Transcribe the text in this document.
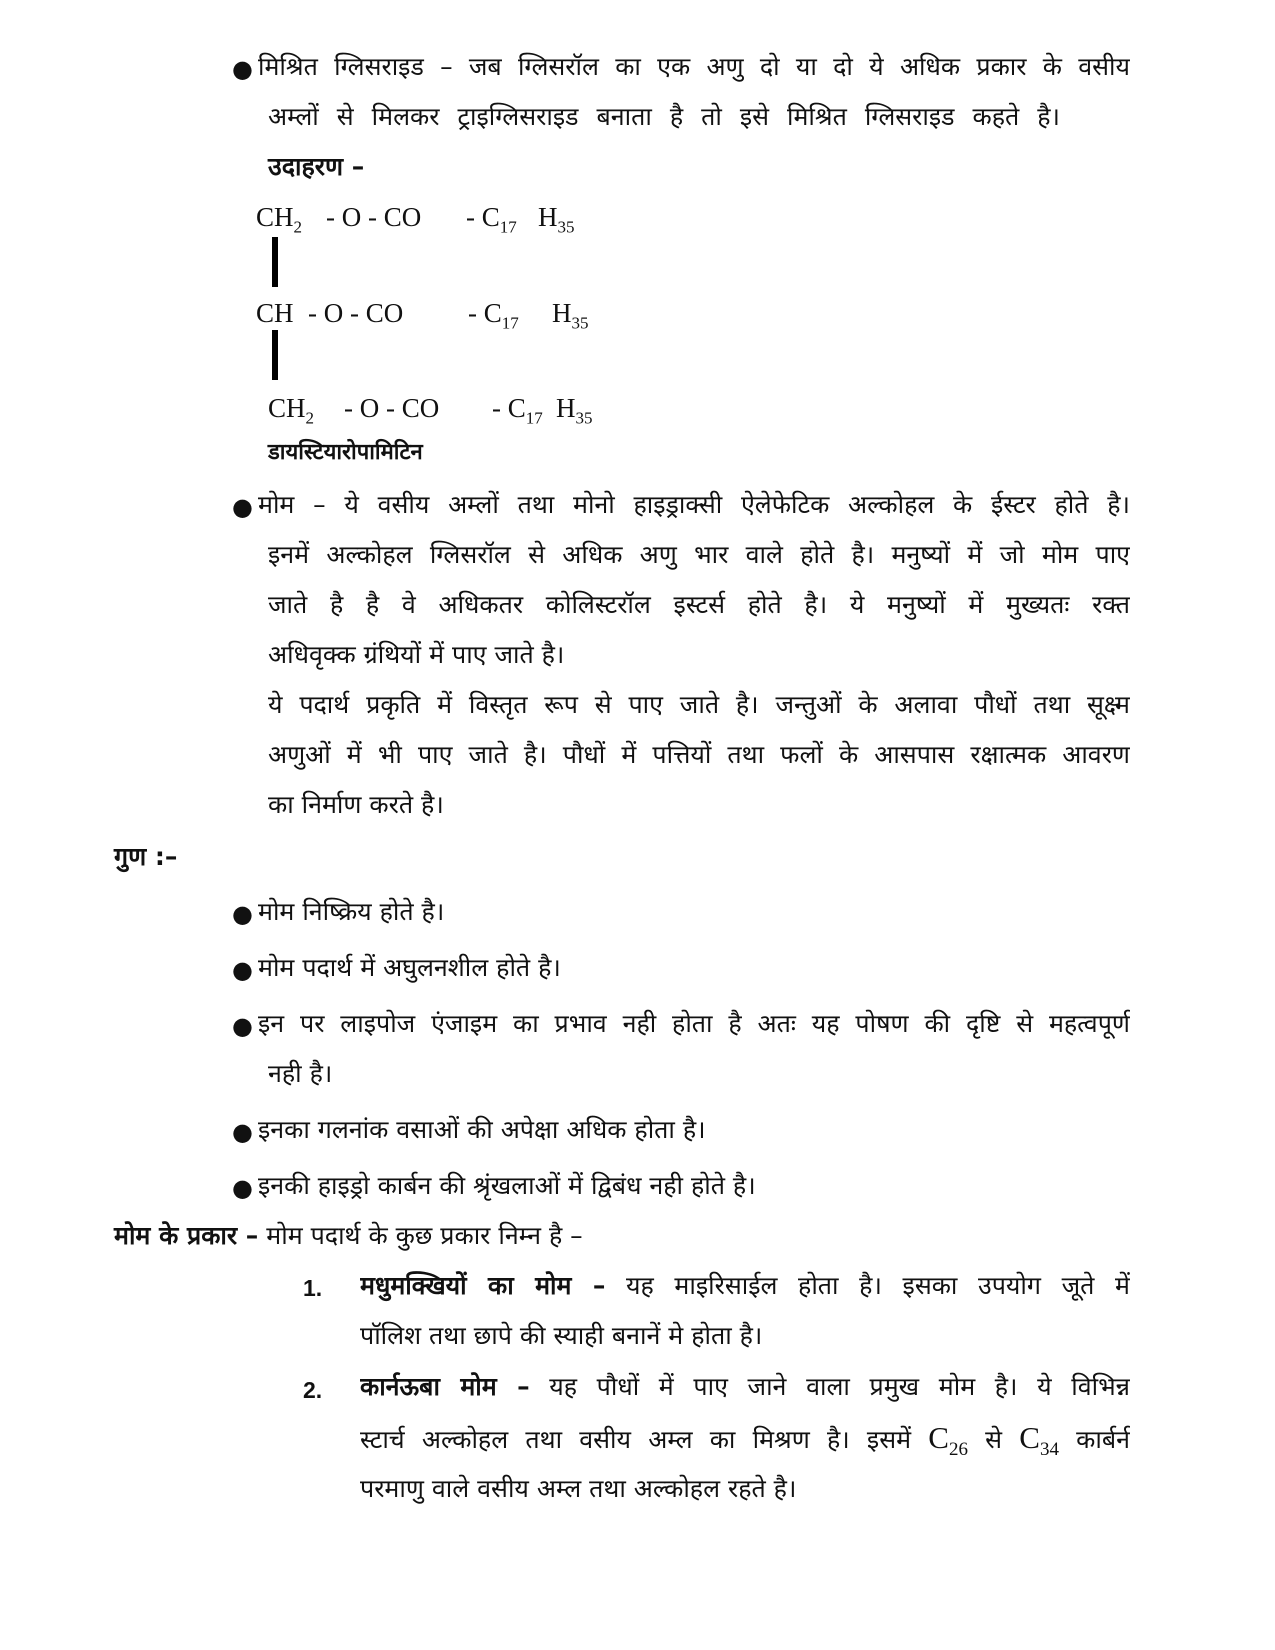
● मिश्रित ग्लिसराइड – जब ग्लिसरॉल का एक अणु दो या दो ये अधिक प्रकार के वसीय
अम्लों से मिलकर ट्राइग्लिसराइड बनाता है तो इसे मिश्रित ग्लिसराइड कहते है।
उदाहरण –
$CH_2$ - O - CO - $C_{17}$ $H_{35}$
CH - O - CO - $C_{17}$ $H_{35}$
$CH_2$ - O - CO - $C_{17}$ $H_{35}$
डायस्टियारोपामिटिन
● मोम – ये वसीय अम्लों तथा मोनो हाइड्राक्सी ऐलेफेटिक अल्कोहल के ईस्टर होते है।
इनमें अल्कोहल ग्लिसरॉल से अधिक अणु भार वाले होते है। मनुष्यों में जो मोम पाए
जाते है है वे अधिकतर कोलिस्टरॉल इस्टर्स होते है। ये मनुष्यों में मुख्यतः रक्त
अधिवृक्क ग्रंथियों में पाए जाते है।
ये पदार्थ प्रकृति में विस्तृत रूप से पाए जाते है। जन्तुओं के अलावा पौधों तथा सूक्ष्म
अणुओं में भी पाए जाते है। पौधों में पत्तियों तथा फलों के आसपास रक्षात्मक आवरण
का निर्माण करते है।
गुण :–
● मोम निष्क्रिय होते है।
● मोम पदार्थ में अघुलनशील होते है।
● इन पर लाइपोज एंजाइम का प्रभाव नही होता है अतः यह पोषण की दृष्टि से महत्वपूर्ण
नही है।
● इनका गलनांक वसाओं की अपेक्षा अधिक होता है।
● इनकी हाइड्रो कार्बन की श्रृंखलाओं में द्विबंध नही होते है।
मोम के प्रकार – मोम पदार्थ के कुछ प्रकार निम्न है –
1. मधुमक्खियों का मोम – यह माइरिसाईल होता है। इसका उपयोग जूते में
पॉलिश तथा छापे की स्याही बनानें मे होता है।
2. कार्नऊबा मोम – यह पौधों में पाए जाने वाला प्रमुख मोम है। ये विभिन्न
स्टार्च अल्कोहल तथा वसीय अम्ल का मिश्रण है। इसमें $C_{26}$ से $C_{34}$ कार्बर्न
परमाणु वाले वसीय अम्ल तथा अल्कोहल रहते है।
